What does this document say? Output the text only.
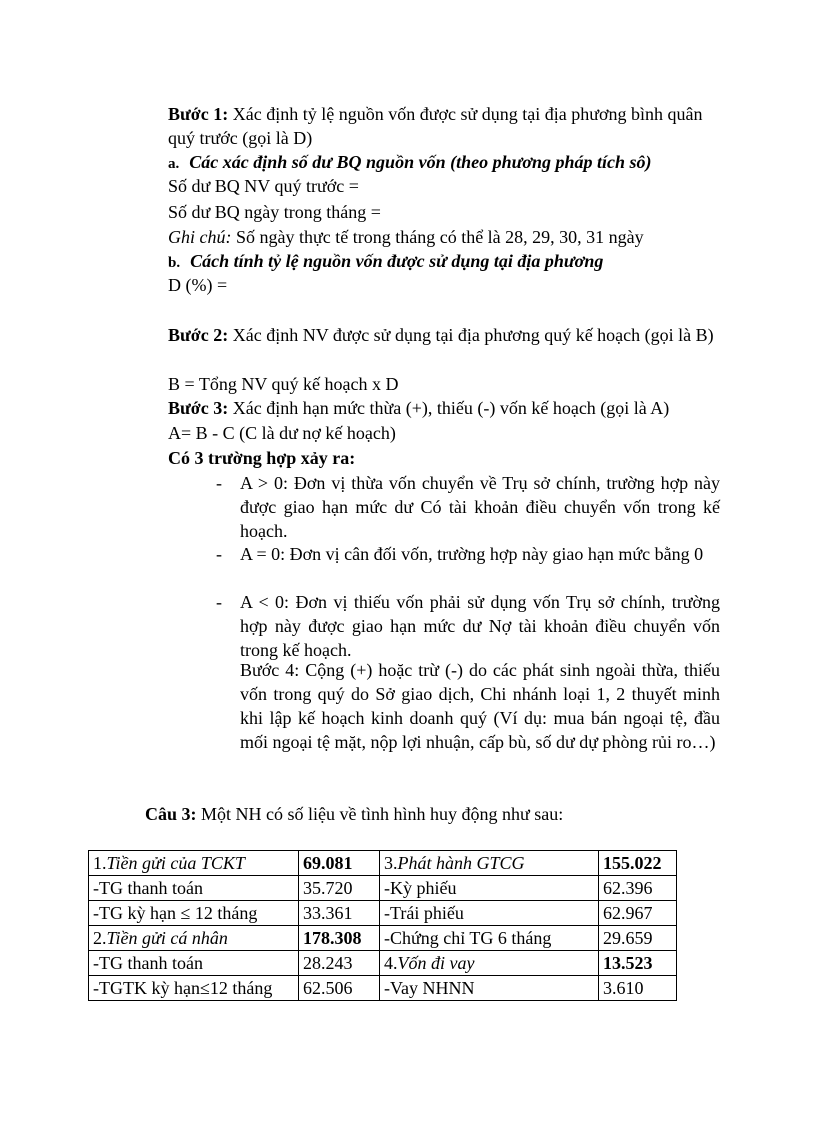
Bước 1: Xác định tỷ lệ nguồn vốn được sử dụng tại địa phương bình quân quý trước (gọi là D)
a. Các xác định số dư BQ nguồn vốn (theo phương pháp tích sô)
Số dư BQ NV quý trước =
Số dư BQ ngày trong tháng =
Ghi chú: Số ngày thực tế trong tháng có thể là 28, 29, 30, 31 ngày
b. Cách tính tỷ lệ nguồn vốn được sử dụng tại địa phương
D (%) =
Bước 2: Xác định NV được sử dụng tại địa phương quý kế hoạch (gọi là B)
B = Tổng NV quý kế hoạch x D
Bước 3: Xác định hạn mức thừa (+), thiếu (-) vốn kế hoạch (gọi là A)
A= B - C (C là dư nợ kế hoạch)
Có 3 trường hợp xảy ra:
- A > 0: Đơn vị thừa vốn chuyển về Trụ sở chính, trường hợp này được giao hạn mức dư Có tài khoản điều chuyển vốn trong kế hoạch.
- A = 0: Đơn vị cân đối vốn, trường hợp này giao hạn mức bằng 0
- A < 0: Đơn vị thiếu vốn phải sử dụng vốn Trụ sở chính, trường hợp này được giao hạn mức dư Nợ tài khoản điều chuyển vốn trong kế hoạch.
Bước 4: Cộng (+) hoặc trừ (-) do các phát sinh ngoài thừa, thiếu vốn trong quý do Sở giao dịch, Chi nhánh loại 1, 2 thuyết minh khi lập kế hoạch kinh doanh quý (Ví dụ: mua bán ngoại tệ, đầu mối ngoại tệ mặt, nộp lợi nhuận, cấp bù, số dư dự phòng rủi ro…)
Câu 3: Một NH có số liệu về tình hình huy động như sau:
1.Tiền gửi của TCKT	69.081	3.Phát hành GTCG	155.022
-TG thanh toán	35.720	-Kỳ phiếu	62.396
-TG kỳ hạn ≤ 12 tháng	33.361	-Trái phiếu	62.967
2.Tiền gửi cá nhân	178.308	-Chứng chỉ TG 6 tháng	29.659
-TG thanh toán	28.243	4.Vốn đi vay	13.523
-TGTK kỳ hạn≤12 tháng	62.506	-Vay NHNN	3.610
